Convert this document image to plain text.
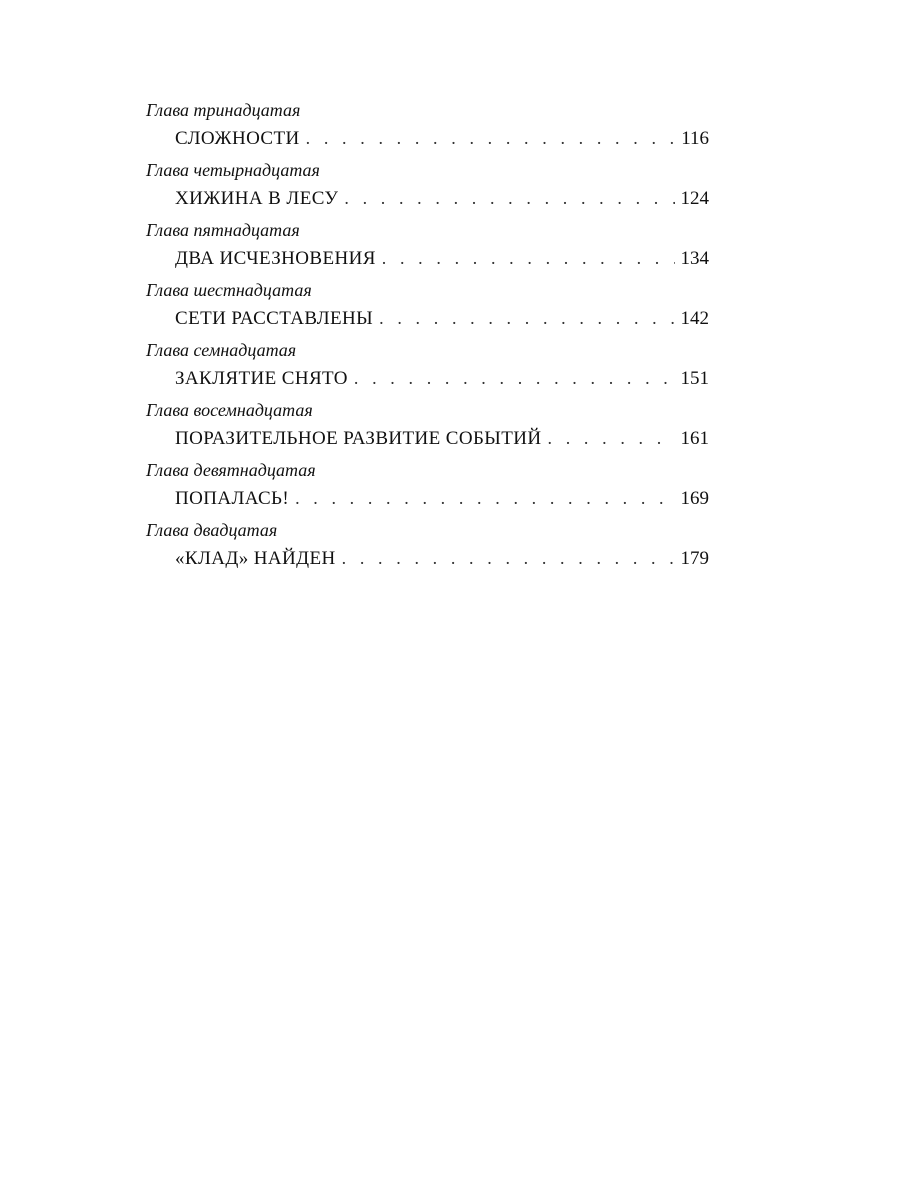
Глава тринадцатая
СЛОЖНОСТИ . . .	116
Глава четырнадцатая
ХИЖИНА В ЛЕСУ . . .	124
Глава пятнадцатая
ДВА ИСЧЕЗНОВЕНИЯ . . .	134
Глава шестнадцатая
СЕТИ РАССТАВЛЕНЫ . . .	142
Глава семнадцатая
ЗАКЛЯТИЕ СНЯТО . . .	151
Глава восемнадцатая
ПОРАЗИТЕЛЬНОЕ РАЗВИТИЕ СОБЫТИЙ . . .	161
Глава девятнадцатая
ПОПАЛАСЬ! . . .	169
Глава двадцатая
«КЛАД» НАЙДЕН . . .	179
